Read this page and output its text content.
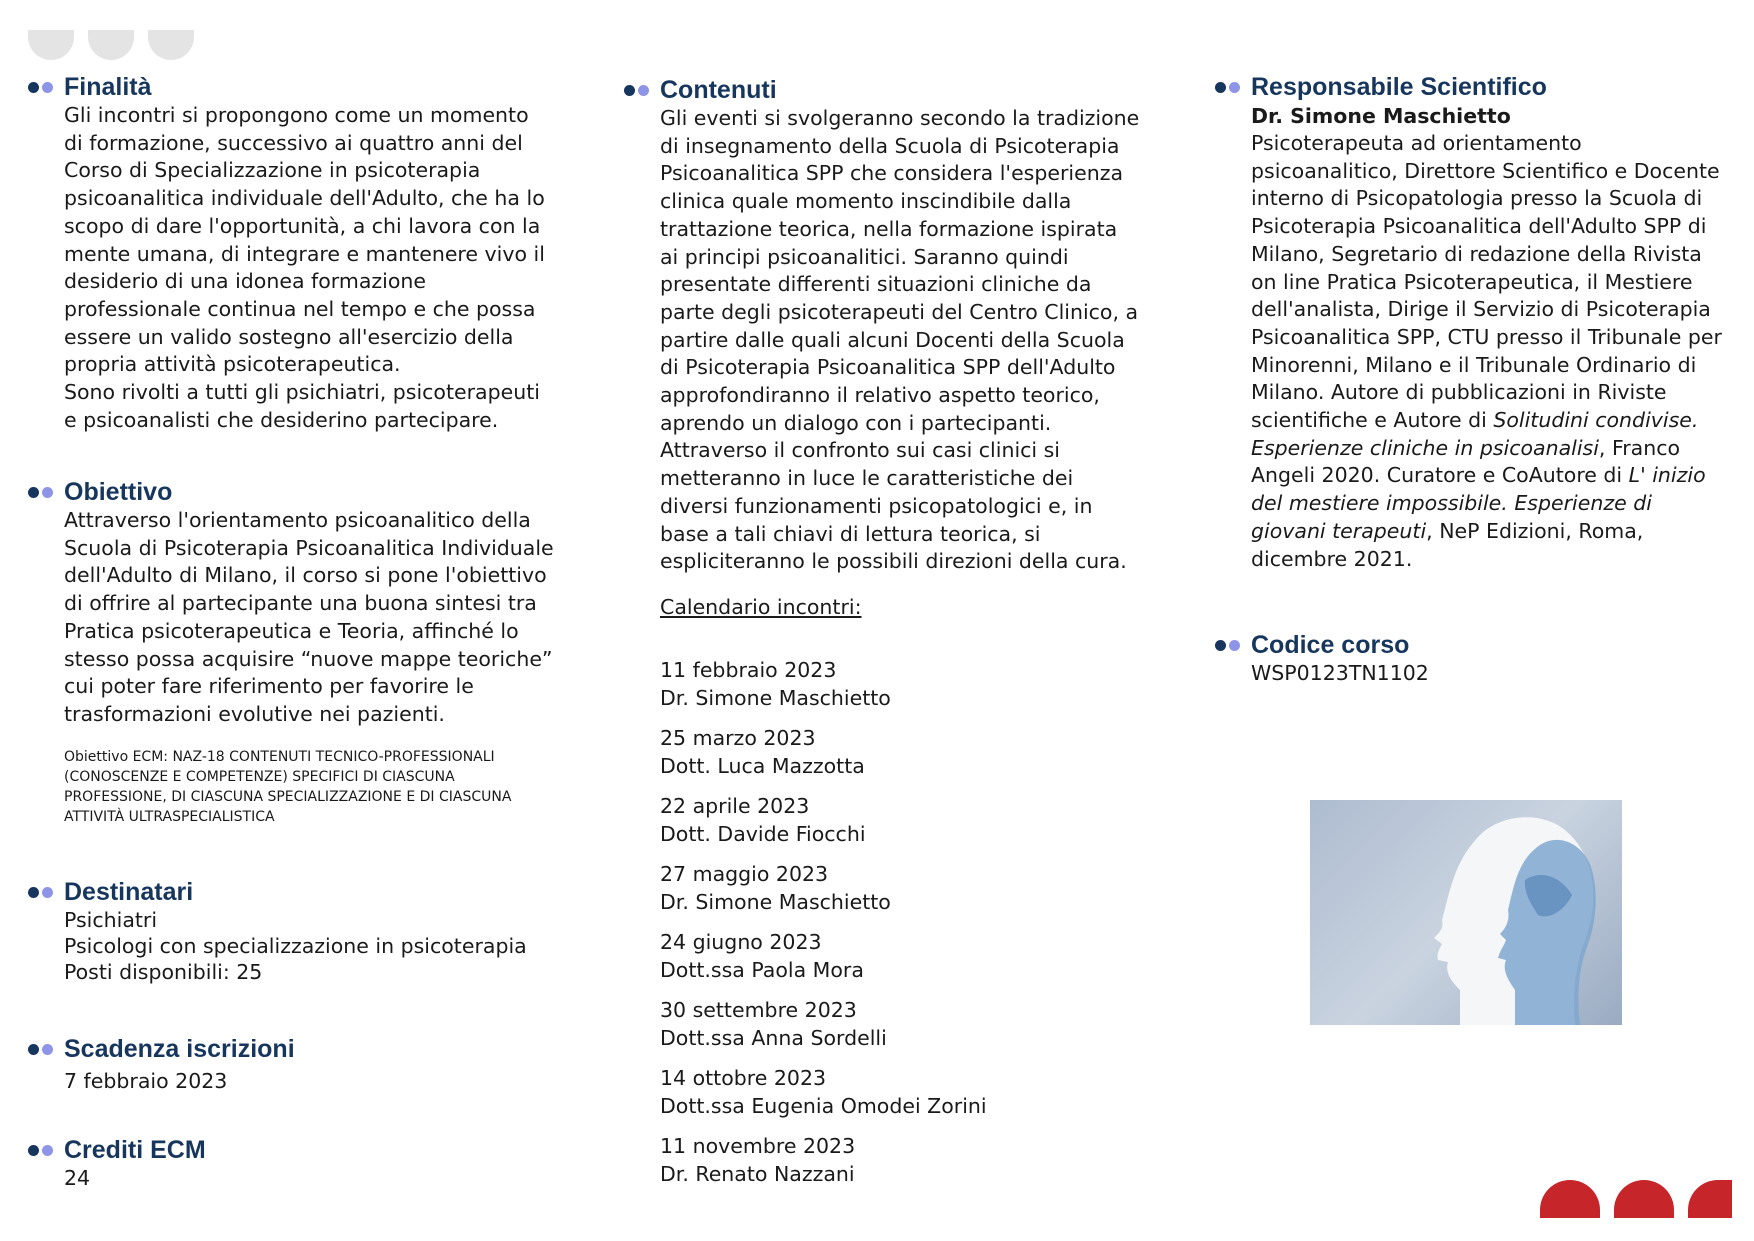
Finalità
Gli incontri si propongono come un momento
di formazione, successivo ai quattro anni del
Corso di Specializzazione in psicoterapia
psicoanalitica individuale dell'Adulto, che ha lo
scopo di dare l'opportunità, a chi lavora con la
mente umana, di integrare e mantenere vivo il
desiderio di una idonea formazione
professionale continua nel tempo e che possa
essere un valido sostegno all'esercizio della
propria attività psicoterapeutica.
Sono rivolti a tutti gli psichiatri, psicoterapeuti
e psicoanalisti che desiderino partecipare.
Obiettivo
Attraverso l'orientamento psicoanalitico della
Scuola di Psicoterapia Psicoanalitica Individuale
dell'Adulto di Milano, il corso si pone l'obiettivo
di offrire al partecipante una buona sintesi tra
Pratica psicoterapeutica e Teoria, affinché lo
stesso possa acquisire “nuove mappe teoriche”
cui poter fare riferimento per favorire le
trasformazioni evolutive nei pazienti.
Obiettivo ECM: NAZ-18 CONTENUTI TECNICO-PROFESSIONALI
(CONOSCENZE E COMPETENZE) SPECIFICI DI CIASCUNA
PROFESSIONE, DI CIASCUNA SPECIALIZZAZIONE E DI CIASCUNA
ATTIVITÀ ULTRASPECIALISTICA
Destinatari
Psichiatri
Psicologi con specializzazione in psicoterapia
Posti disponibili: 25
Scadenza iscrizioni
7 febbraio 2023
Crediti ECM
24
Contenuti
Gli eventi si svolgeranno secondo la tradizione
di insegnamento della Scuola di Psicoterapia
Psicoanalitica SPP che considera l'esperienza
clinica quale momento inscindibile dalla
trattazione teorica, nella formazione ispirata
ai principi psicoanalitici. Saranno quindi
presentate differenti situazioni cliniche da
parte degli psicoterapeuti del Centro Clinico, a
partire dalle quali alcuni Docenti della Scuola
di Psicoterapia Psicoanalitica SPP dell'Adulto
approfondiranno il relativo aspetto teorico,
aprendo un dialogo con i partecipanti.
Attraverso il confronto sui casi clinici si
metteranno in luce le caratteristiche dei
diversi funzionamenti psicopatologici e, in
base a tali chiavi di lettura teorica, si
espliciteranno le possibili direzioni della cura.
Calendario incontri:
11 febbraio 2023
Dr. Simone Maschietto
25 marzo 2023
Dott. Luca Mazzotta
22 aprile 2023
Dott. Davide Fiocchi
27 maggio 2023
Dr. Simone Maschietto
24 giugno 2023
Dott.ssa Paola Mora
30 settembre 2023
Dott.ssa Anna Sordelli
14 ottobre 2023
Dott.ssa Eugenia Omodei Zorini
11 novembre 2023
Dr. Renato Nazzani
Responsabile Scientifico
Dr. Simone Maschietto
Psicoterapeuta ad orientamento
psicoanalitico, Direttore Scientifico e Docente
interno di Psicopatologia presso la Scuola di
Psicoterapia Psicoanalitica dell'Adulto SPP di
Milano, Segretario di redazione della Rivista
on line Pratica Psicoterapeutica, il Mestiere
dell'analista, Dirige il Servizio di Psicoterapia
Psicoanalitica SPP, CTU presso il Tribunale per
Minorenni, Milano e il Tribunale Ordinario di
Milano. Autore di pubblicazioni in Riviste
scientifiche e Autore di Solitudini condivise.
Esperienze cliniche in psicoanalisi, Franco
Angeli 2020. Curatore e CoAutore di L' inizio
del mestiere impossibile. Esperienze di
giovani terapeuti, NeP Edizioni, Roma,
dicembre 2021.
Codice corso
WSP0123TN1102
